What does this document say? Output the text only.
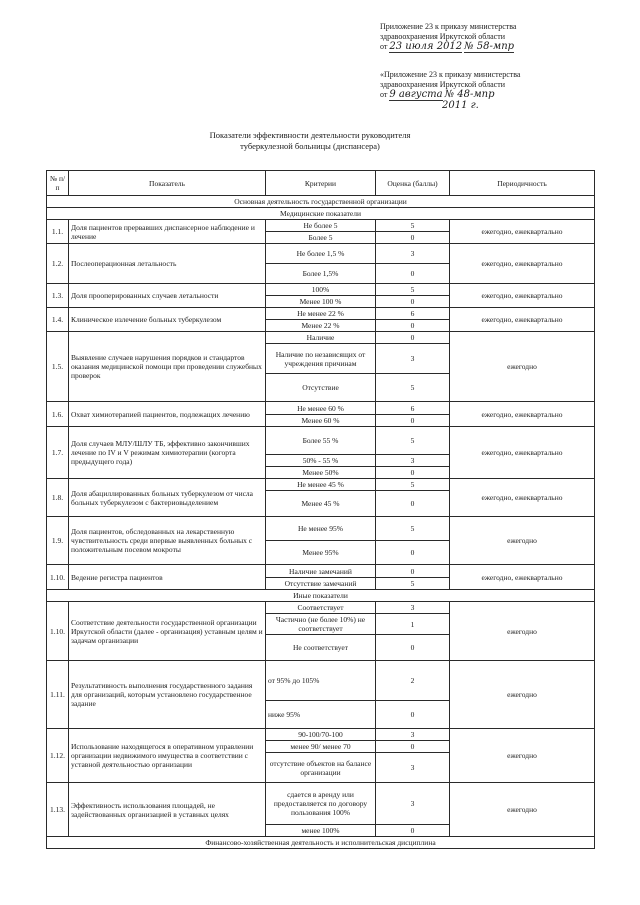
Приложение 23 к приказу министерства
здравоохранения Иркутской области
от 23 июля 2012 № 58-мпр
«Приложение 23 к приказу министерства
здравоохранения Иркутской области
от 9 августа № 48-мпр
2011 г.
Показатели эффективности деятельности руководителя
туберкулезной больницы (диспансера)
№ п/п	Показатель	Критерии	Оценка (баллы)	Периодичность
Основная деятельность государственной организации				
Медицинские показатели				
1.1.	Доля пациентов прервавших диспансерное наблюдение и лечение	Не более 5	5	ежегодно, ежеквартально
		Более 5	0	
1.2.	Послеоперационная летальность	Не более 1,5 %	3	ежегодно, ежеквартально
		Более 1,5%	0	
1.3.	Доля прооперированных случаев летальности	100%	5	ежегодно, ежеквартально
		Менее 100 %	0	
1.4.	Клиническое излечение больных туберкулезом	Не менее 22 %	6	ежегодно, ежеквартально
		Менее 22 %	0	
1.5.	Выявление случаев нарушения порядков и стандартов оказания медицинской помощи при проведении служебных проверок	Наличие	0	ежегодно
		Наличие по независящих от учреждения причинам	3	
		Отсутствие	5	
1.6.	Охват химиотерапией пациентов, подлежащих лечению	Не менее 60 %	6	ежегодно, ежеквартально
		Менее 60 %	0	
1.7.	Доля случаев МЛУ/ШЛУ ТБ, эффективно закончивших лечение по IV и V режимам химиотерапии (когорта предыдущего года)	Более 55 %	5	ежегодно, ежеквартально
		50% - 55 %	3	
		Менее 50%	0	
1.8.	Доля абациллированных больных туберкулезом от числа больных туберкулезом с бактериовыделением	Не менее 45 %	5	ежегодно, ежеквартально
		Менее 45 %	0	
1.9.	Доля пациентов, обследованных на лекарственную чувствительность среди впервые выявленных больных с положительным посевом мокроты	Не менее 95%	5	ежегодно
		Менее 95%	0	
1.10.	Ведение регистра пациентов	Наличие замечаний	0	ежегодно, ежеквартально
		Отсутствие замечаний	5	
Иные показатели				
1.10.	Соответствие деятельности государственной организации Иркутской области (далее - организация) уставным целям и задачам организации	Соответствует	3	ежегодно
		Частично (не более 10%) не соответствует	1	
		Не соответствует	0	
1.11.	Результативность выполнения государственного задания для организаций, которым установлено государственное задание	от 95% до 105%	2	ежегодно
		ниже 95%	0	
1.12.	Использование находящегося в оперативном управлении организации недвижимого имущества в соответствии с уставной деятельностью организации	90-100/70-100	3	ежегодно
		менее 90/ менее 70	0	
		отсутствие объектов на балансе организации	3	
1.13.	Эффективность использования площадей, не задействованных организацией в уставных целях	сдается в аренду или предоставляется по договору пользования 100%	3	ежегодно
		менее 100%	0	
Финансово-хозяйственная деятельность и исполнительская дисциплина				
